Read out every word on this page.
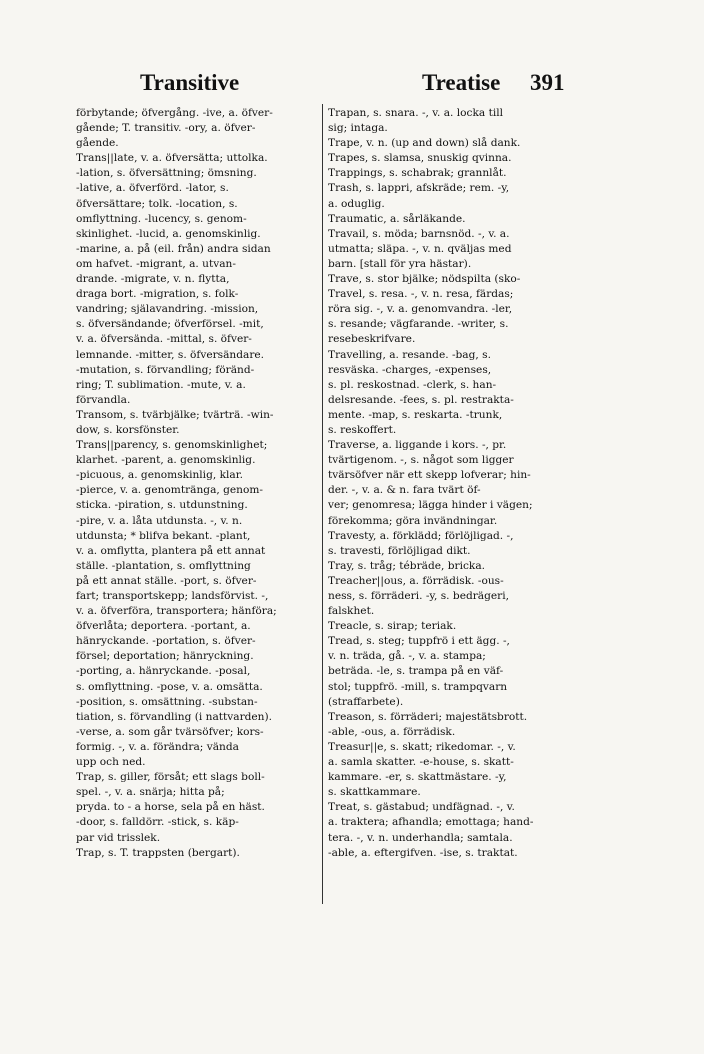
Transitive	Treatise 391
förbytande; öfvergång. -ive, a. öfver-
gående; T. transitiv. -ory, a. öfver-
gående.
Trans||late, v. a. öfversätta; uttolka.
-lation, s. öfversättning; ömsning.
-lative, a. öfverförd. -lator, s.
öfversättare; tolk. -location, s.
omflyttning. -lucency, s. genom-
skinlighet. -lucid, a. genomskinlig.
-marine, a. på (eil. från) andra sidan
om hafvet. -migrant, a. utvan-
drande. -migrate, v. n. flytta,
draga bort. -migration, s. folk-
vandring; själavandring. -mission,
s. öfversändande; öfverförsel. -mit,
v. a. öfversända. -mittal, s. öfver-
lemnande. -mitter, s. öfversändare.
-mutation, s. förvandling; föränd-
ring; T. sublimation. -mute, v. a.
förvandla.
Transom, s. tvärbjälke; tvärträ. -win-
dow, s. korsfönster.
Trans||parency, s. genomskinlighet;
klarhet. -parent, a. genomskinlig.
-picuous, a. genomskinlig, klar.
-pierce, v. a. genomtränga, genom-
sticka. -piration, s. utdunstning.
-pire, v. a. låta utdunsta. -, v. n.
utdunsta; * blifva bekant. -plant,
v. a. omflytta, plantera på ett annat
ställe. -plantation, s. omflyttning
på ett annat ställe. -port, s. öfver-
fart; transportskepp; landsförvist. -,
v. a. öfverföra, transportera; hänföra;
öfverlåta; deportera. -portant, a.
hänryckande. -portation, s. öfver-
försel; deportation; hänryckning.
-porting, a. hänryckande. -posal,
s. omflyttning. -pose, v. a. omsätta.
-position, s. omsättning. -substan-
tiation, s. förvandling (i nattvarden).
-verse, a. som går tvärsöfver; kors-
formig. -, v. a. förändra; vända
upp och ned.
Trap, s. giller, försåt; ett slags boll-
spel. -, v. a. snärja; hitta på;
pryda. to - a horse, sela på en häst.
-door, s. falldörr. -stick, s. käp-
par vid trisslek.
Trap, s. T. trappsten (bergart).
Trapan, s. snara. -, v. a. locka till
sig; intaga.
Trape, v. n. (up and down) slå dank.
Trapes, s. slamsa, snuskig qvinna.
Trappings, s. schabrak; grannlåt.
Trash, s. lappri, afskräde; rem. -y,
a. oduglig.
Traumatic, a. sårläkande.
Travail, s. möda; barnsnöd. -, v. a.
utmatta; släpa. -, v. n. qväljas med
barn. [stall för yra hästar).
Trave, s. stor bjälke; nödspilta (sko-
Travel, s. resa. -, v. n. resa, färdas;
röra sig. -, v. a. genomvandra. -ler,
s. resande; vägfarande. -writer, s.
resebeskrifvare.
Travelling, a. resande. -bag, s.
resväska. -charges, -expenses,
s. pl. reskostnad. -clerk, s. han-
delsresande. -fees, s. pl. restrakta-
mente. -map, s. reskarta. -trunk,
s. reskoffert.
Traverse, a. liggande i kors. -, pr.
tvärtigenom. -, s. något som ligger
tvärsöfver när ett skepp lofverar; hin-
der. -, v. a. & n. fara tvärt öf-
ver; genomresa; lägga hinder i vägen;
förekomma; göra invändningar.
Travesty, a. förklädd; förlöjligad. -,
s. travesti, förlöjligad dikt.
Tray, s. tråg; tébräde, bricka.
Treacher||ous, a. förrädisk. -ous-
ness, s. förräderi. -y, s. bedrägeri,
falskhet.
Treacle, s. sirap; teriak.
Tread, s. steg; tuppfrö i ett ägg. -,
v. n. träda, gå. -, v. a. stampa;
beträda. -le, s. trampa på en väf-
stol; tuppfrö. -mill, s. trampqvarn
(straffarbete).
Treason, s. förräderi; majestätsbrott.
-able, -ous, a. förrädisk.
Treasur||e, s. skatt; rikedomar. -, v.
a. samla skatter. -e-house, s. skatt-
kammare. -er, s. skattmästare. -y,
s. skattkammare.
Treat, s. gästabud; undfägnad. -, v.
a. traktera; afhandla; emottaga; hand-
tera. -, v. n. underhandla; samtala.
-able, a. eftergifven. -ise, s. traktat.
